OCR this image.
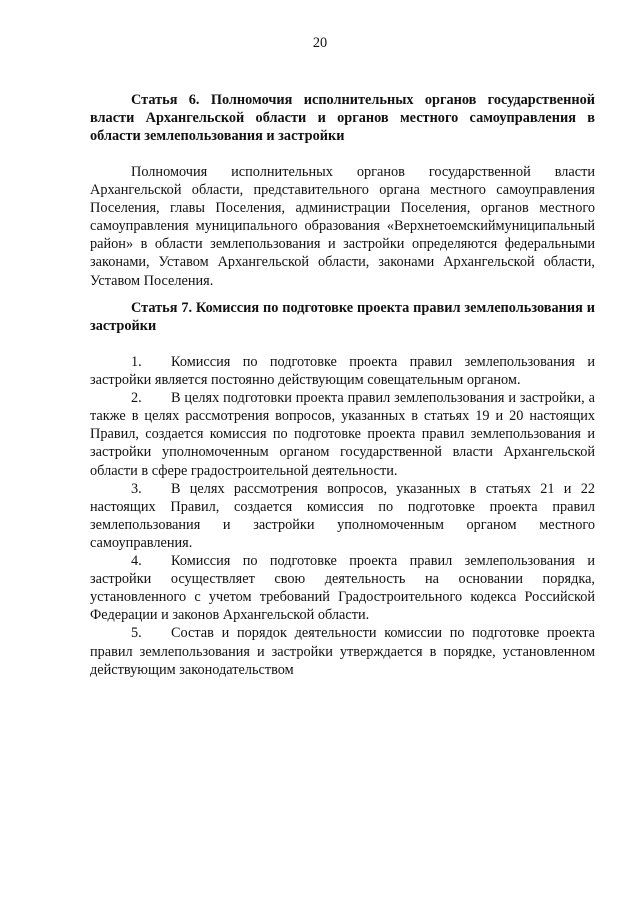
20

Статья 6. Полномочия исполнительных органов государственной власти Архангельской области и органов местного самоуправления в области землепользования и застройки

Полномочия исполнительных органов государственной власти Архангельской области, представительного органа местного самоуправления Поселения, главы Поселения, администрации Поселения, органов местного самоуправления муниципального образования «Верхнетоемскиймуниципальный район» в области землепользования и застройки определяются федеральными законами, Уставом Архангельской области, законами Архангельской области, Уставом Поселения.

Статья 7. Комиссия по подготовке проекта правил землепользования и застройки

1. Комиссия по подготовке проекта правил землепользования и застройки является постоянно действующим совещательным органом.

2. В целях подготовки проекта правил землепользования и застройки, а также в целях рассмотрения вопросов, указанных в статьях 19 и 20 настоящих Правил, создается комиссия по подготовке проекта правил землепользования и застройки уполномоченным органом государственной власти Архангельской области в сфере градостроительной деятельности.

3. В целях рассмотрения вопросов, указанных в статьях 21 и 22 настоящих Правил, создается комиссия по подготовке проекта правил землепользования и застройки уполномоченным органом местного самоуправления.

4. Комиссия по подготовке проекта правил землепользования и застройки осуществляет свою деятельность на основании порядка, установленного с учетом требований Градостроительного кодекса Российской Федерации и законов Архангельской области.

5. Состав и порядок деятельности комиссии по подготовке проекта правил землепользования и застройки утверждается в порядке, установленном действующим законодательством
